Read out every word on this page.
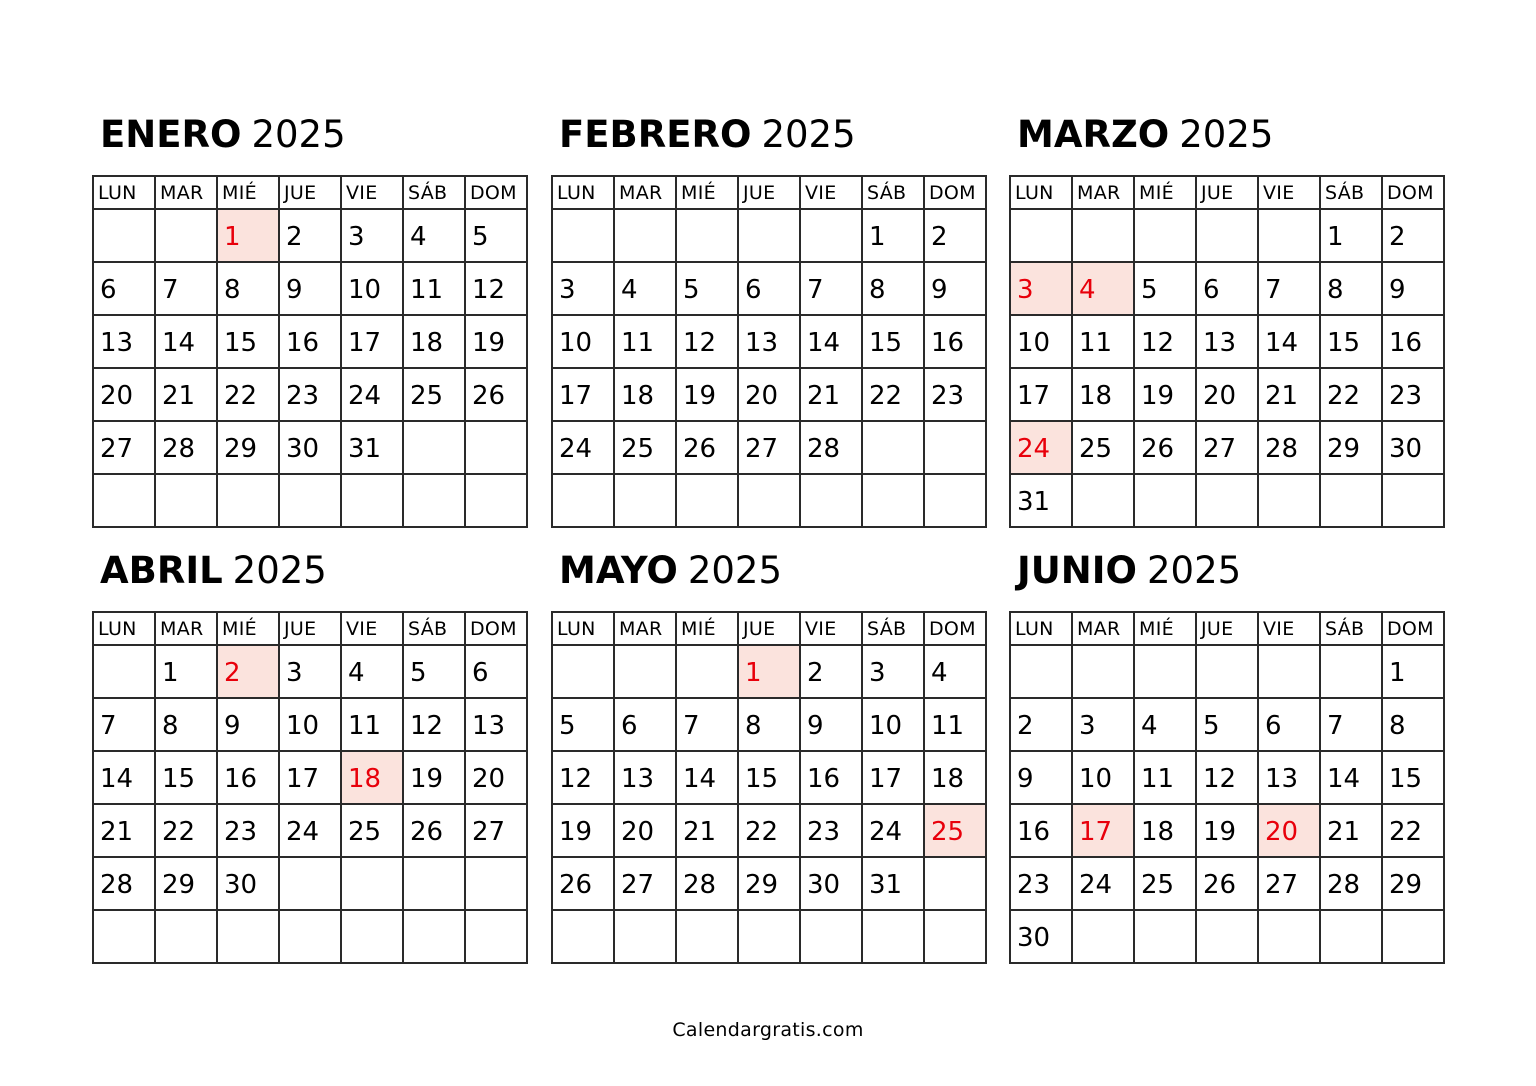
ENERO 2025
LUN	MAR	MIÉ	JUE	VIE	SÁB	DOM
		1	2	3	4	5
6	7	8	9	10	11	12
13	14	15	16	17	18	19
20	21	22	23	24	25	26
27	28	29	30	31		

FEBRERO 2025
LUN	MAR	MIÉ	JUE	VIE	SÁB	DOM
					1	2
3	4	5	6	7	8	9
10	11	12	13	14	15	16
17	18	19	20	21	22	23
24	25	26	27	28		

MARZO 2025
LUN	MAR	MIÉ	JUE	VIE	SÁB	DOM
					1	2
3	4	5	6	7	8	9
10	11	12	13	14	15	16
17	18	19	20	21	22	23
24	25	26	27	28	29	30
31						
ABRIL 2025
LUN	MAR	MIÉ	JUE	VIE	SÁB	DOM
	1	2	3	4	5	6
7	8	9	10	11	12	13
14	15	16	17	18	19	20
21	22	23	24	25	26	27
28	29	30				

MAYO 2025
LUN	MAR	MIÉ	JUE	VIE	SÁB	DOM
			1	2	3	4
5	6	7	8	9	10	11
12	13	14	15	16	17	18
19	20	21	22	23	24	25
26	27	28	29	30	31	

JUNIO 2025
LUN	MAR	MIÉ	JUE	VIE	SÁB	DOM
						1
2	3	4	5	6	7	8
9	10	11	12	13	14	15
16	17	18	19	20	21	22
23	24	25	26	27	28	29
30						
Calendargratis.com
